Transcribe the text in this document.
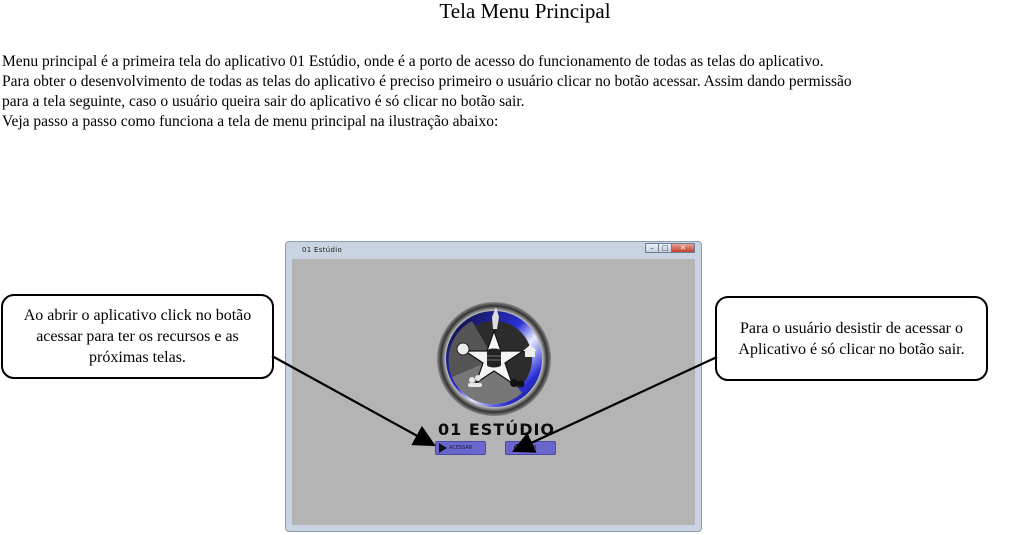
Tela Menu Principal
Menu principal é a primeira tela do aplicativo 01 Estúdio, onde é a porto de acesso do funcionamento de todas as telas do aplicativo.
Para obter o desenvolvimento de todas as telas do aplicativo é preciso primeiro o usuário clicar no botão acessar. Assim dando permissão
para a tela seguinte, caso o usuário queira sair do aplicativo é só clicar no botão sair.
Veja passo a passo como funciona a tela de menu principal na ilustração abaixo:
01 Estúdio	–	□	✕
01 ESTÚDIO
ACESSAR	SAIR
Ao abrir o aplicativo click no botão
acessar para ter os recursos e as
próximas telas.
Para o usuário desistir de acessar o
Aplicativo é só clicar no botão sair.
